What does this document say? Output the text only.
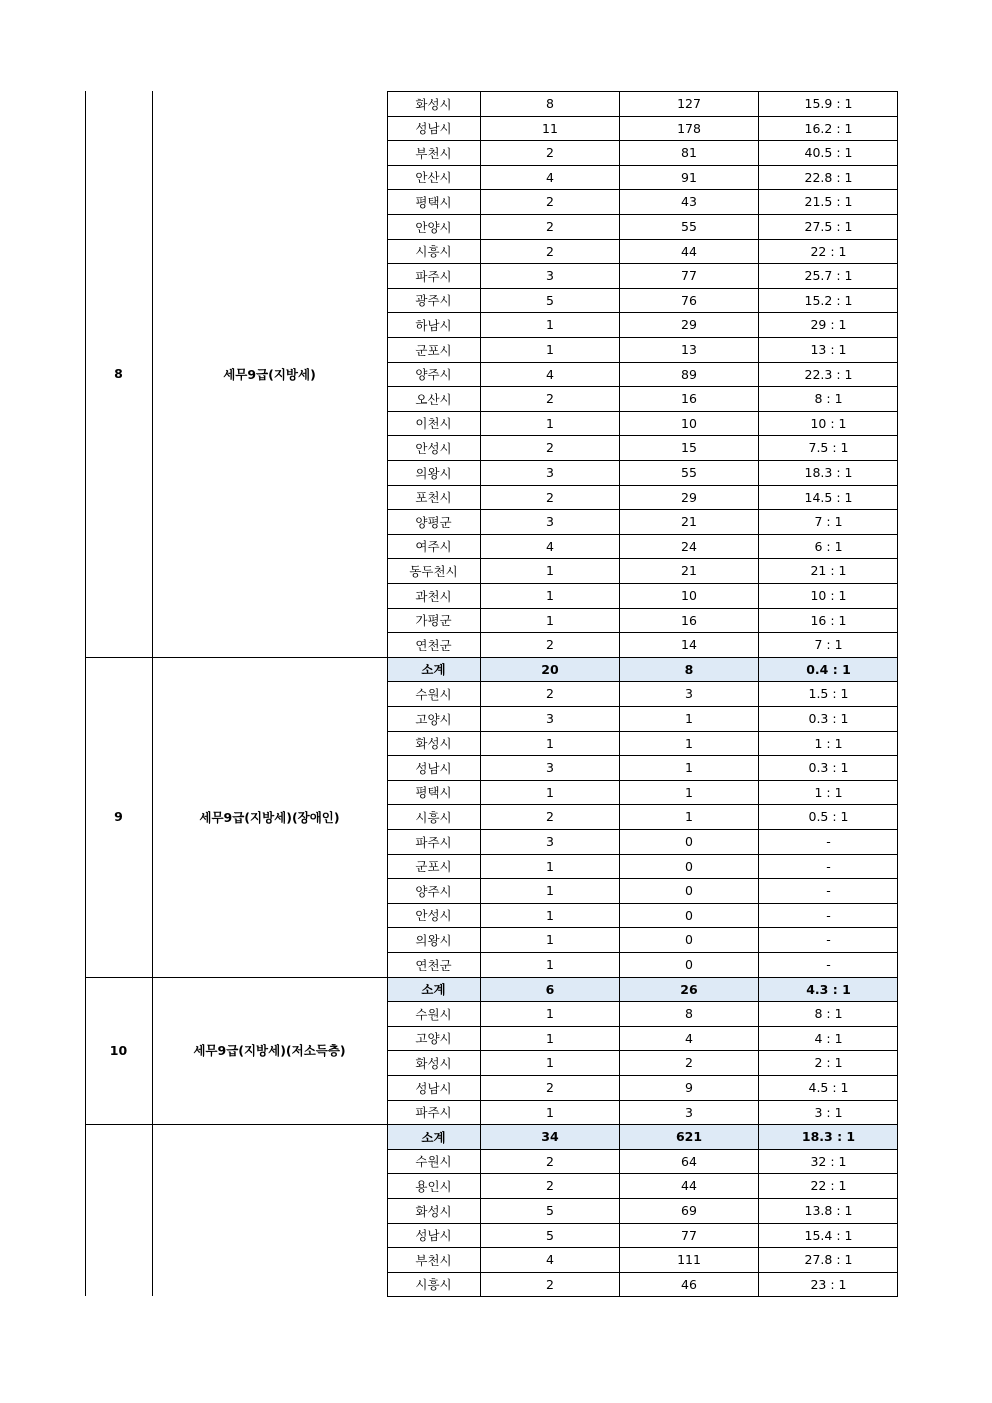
8	세무9급(지방세)
화성시	8	127	15.9 : 1
성남시	11	178	16.2 : 1
부천시	2	81	40.5 : 1
안산시	4	91	22.8 : 1
평택시	2	43	21.5 : 1
안양시	2	55	27.5 : 1
시흥시	2	44	22 : 1
파주시	3	77	25.7 : 1
광주시	5	76	15.2 : 1
하남시	1	29	29 : 1
군포시	1	13	13 : 1
양주시	4	89	22.3 : 1
오산시	2	16	8 : 1
이천시	1	10	10 : 1
안성시	2	15	7.5 : 1
의왕시	3	55	18.3 : 1
포천시	2	29	14.5 : 1
양평군	3	21	7 : 1
여주시	4	24	6 : 1
동두천시	1	21	21 : 1
과천시	1	10	10 : 1
가평군	1	16	16 : 1
연천군	2	14	7 : 1
9	세무9급(지방세)(장애인)
소계	20	8	0.4 : 1
수원시	2	3	1.5 : 1
고양시	3	1	0.3 : 1
화성시	1	1	1 : 1
성남시	3	1	0.3 : 1
평택시	1	1	1 : 1
시흥시	2	1	0.5 : 1
파주시	3	0	-
군포시	1	0	-
양주시	1	0	-
안성시	1	0	-
의왕시	1	0	-
연천군	1	0	-
10	세무9급(지방세)(저소득층)
소계	6	26	4.3 : 1
수원시	1	8	8 : 1
고양시	1	4	4 : 1
화성시	1	2	2 : 1
성남시	2	9	4.5 : 1
파주시	1	3	3 : 1
소계	34	621	18.3 : 1
수원시	2	64	32 : 1
용인시	2	44	22 : 1
화성시	5	69	13.8 : 1
성남시	5	77	15.4 : 1
부천시	4	111	27.8 : 1
시흥시	2	46	23 : 1
